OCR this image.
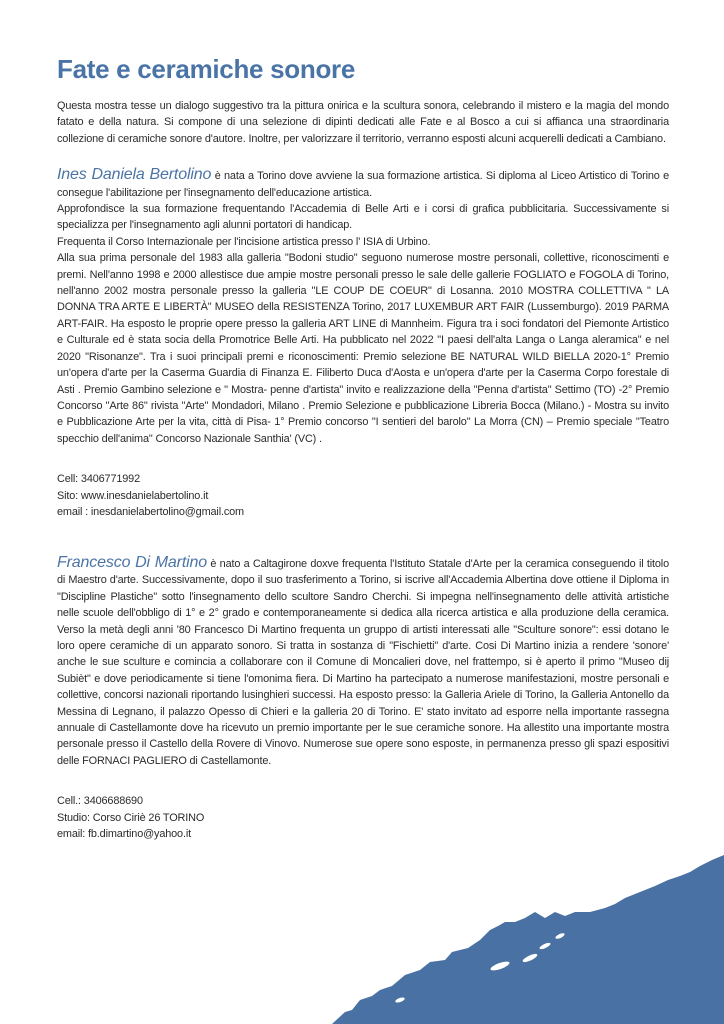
Fate e ceramiche sonore

Questa mostra tesse un dialogo suggestivo tra la pittura onirica e la scultura sonora, celebrando il mistero e la magia del mondo fatato e della natura. Si compone di una selezione di dipinti dedicati alle Fate e al Bosco a cui si affianca una straordinaria collezione di ceramiche sonore d'autore. Inoltre, per valorizzare il territorio, verranno esposti alcuni acquerelli dedicati a Cambiano.

Ines Daniela Bertolino è nata a Torino dove avviene la sua formazione artistica. Si diploma al Liceo Artistico di Torino e consegue l'abilitazione per l'insegnamento dell'educazione artistica.

Approfondisce la sua formazione frequentando l'Accademia di Belle Arti e i corsi di grafica pubblicitaria. Successivamente si specializza per l'insegnamento agli alunni portatori di handicap.

Frequenta il Corso Internazionale per l'incisione artistica presso l' ISIA di Urbino.

Alla sua prima personale del 1983 alla galleria "Bodoni studio" seguono numerose mostre personali, collettive, riconoscimenti e premi. Nell'anno 1998 e 2000 allestisce due ampie mostre personali presso le sale delle gallerie FOGLIATO e FOGOLA di Torino, nell'anno 2002 mostra personale presso la galleria "LE COUP DE COEUR" di Losanna. 2010 MOSTRA COLLETTIVA " LA DONNA TRA ARTE E LIBERTÀ" MUSEO della RESISTENZA Torino, 2017 LUXEMBUR ART FAIR (Lussemburgo). 2019 PARMA ART-FAIR. Ha esposto le proprie opere presso la galleria ART LINE di Mannheim. Figura tra i soci fondatori del Piemonte Artistico e Culturale ed è stata socia della Promotrice Belle Arti. Ha pubblicato nel 2022 "I paesi dell'alta Langa o Langa aleramica" e nel 2020 "Risonanze". Tra i suoi principali premi e riconoscimenti: Premio selezione BE NATURAL WILD BIELLA 2020-1° Premio un'opera d'arte per la Caserma Guardia di Finanza E. Filiberto Duca d'Aosta e un'opera d'arte per la Caserma Corpo forestale di Asti . Premio Gambino selezione e " Mostra- penne d'artista" invito e realizzazione della "Penna d'artista" Settimo (TO) -2° Premio Concorso "Arte 86" rivista "Arte" Mondadori, Milano . Premio Selezione e pubblicazione Libreria Bocca (Milano.) - Mostra su invito e Pubblicazione Arte per la vita, città di Pisa- 1° Premio concorso "I sentieri del barolo" La Morra (CN) – Premio speciale "Teatro specchio dell'anima" Concorso Nazionale Santhia' (VC) .

Cell: 3406771992
Sito: www.inesdanielabertolino.it
email : inesdanielabertolino@gmail.com

Francesco Di Martino è nato a Caltagirone doxve frequenta l'Istituto Statale d'Arte per la ceramica conseguendo il titolo di Maestro d'arte. Successivamente, dopo il suo trasferimento a Torino, si iscrive all'Accademia Albertina dove ottiene il Diploma in "Discipline Plastiche" sotto l'insegnamento dello scultore Sandro Cherchi. Si impegna nell'insegnamento delle attività artistiche nelle scuole dell'obbligo di 1° e 2° grado e contemporaneamente si dedica alla ricerca artistica e alla produzione della ceramica. Verso la metà degli anni '80 Francesco Di Martino frequenta un gruppo di artisti interessati alle "Sculture sonore": essi dotano le loro opere ceramiche di un apparato sonoro. Si tratta in sostanza di "Fischietti" d'arte. Cosi Di Martino inizia a rendere 'sonore' anche le sue sculture e comincia a collaborare con il Comune di Moncalieri dove, nel frattempo, si è aperto il primo "Museo dij Subièt" e dove periodicamente si tiene l'omonima fiera. Di Martino ha partecipato a numerose manifestazioni, mostre personali e collettive, concorsi nazionali riportando lusinghieri successi. Ha esposto presso: la Galleria Ariele di Torino, la Galleria Antonello da Messina di Legnano, il palazzo Opesso di Chieri e la galleria 20 di Torino. E' stato invitato ad esporre nella importante rassegna annuale di Castellamonte dove ha ricevuto un premio importante per le sue ceramiche sonore. Ha allestito una importante mostra personale presso il Castello della Rovere di Vinovo. Numerose sue opere sono esposte, in permanenza presso gli spazi espositivi delle FORNACI PAGLIERO di Castellamonte.

Cell.: 3406688690
Studio: Corso Ciriè 26 TORINO
email: fb.dimartino@yahoo.it
